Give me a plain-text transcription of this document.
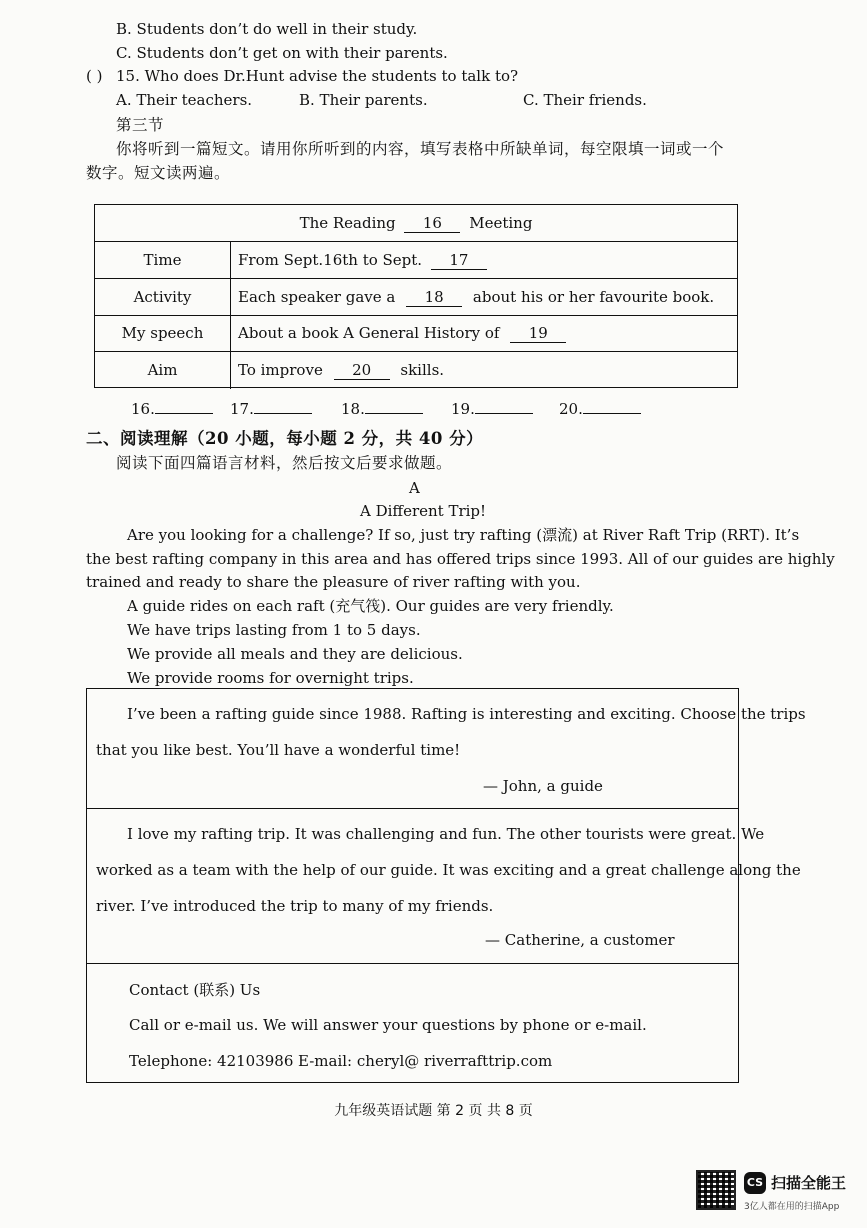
B. Students don’t do well in their study.
C. Students don’t get on with their parents.
( ) 15. Who does Dr.Hunt advise the students to talk to?
A. Their teachers.	B. Their parents.	C. Their friends.
第三节
你将听到一篇短文。请用你所听到的内容，填写表格中所缺单词，每空限填一词或一个
数字。短文读两遍。
The Reading 16 Meeting
Time	From Sept.16th to Sept. 17
Activity	Each speaker gave a 18 about his or her favourite book.
My speech	About a book A General History of 19
Aim	To improve 20 skills.
16.	17.	18.	19.	20.
二、阅读理解（20 小题，每小题 2 分，共 40 分）
阅读下面四篇语言材料，然后按文后要求做题。
A
A Different Trip!
Are you looking for a challenge? If so, just try rafting (漂流) at River Raft Trip (RRT). It’s
the best rafting company in this area and has offered trips since 1993. All of our guides are highly
trained and ready to share the pleasure of river rafting with you.
A guide rides on each raft (充气筏). Our guides are very friendly.
We have trips lasting from 1 to 5 days.
We provide all meals and they are delicious.
We provide rooms for overnight trips.
I’ve been a rafting guide since 1988. Rafting is interesting and exciting. Choose the trips
that you like best. You’ll have a wonderful time!
— John, a guide
I love my rafting trip. It was challenging and fun. The other tourists were great. We
worked as a team with the help of our guide. It was exciting and a great challenge along the
river. I’ve introduced the trip to many of my friends.
— Catherine, a customer
Contact (联系) Us
Call or e-mail us. We will answer your questions by phone or e-mail.
Telephone: 42103986 E-mail: cheryl@ riverrafttrip.com
九年级英语试题 第 2 页 共 8 页
CS 扫描全能王
3亿人都在用的扫描App
